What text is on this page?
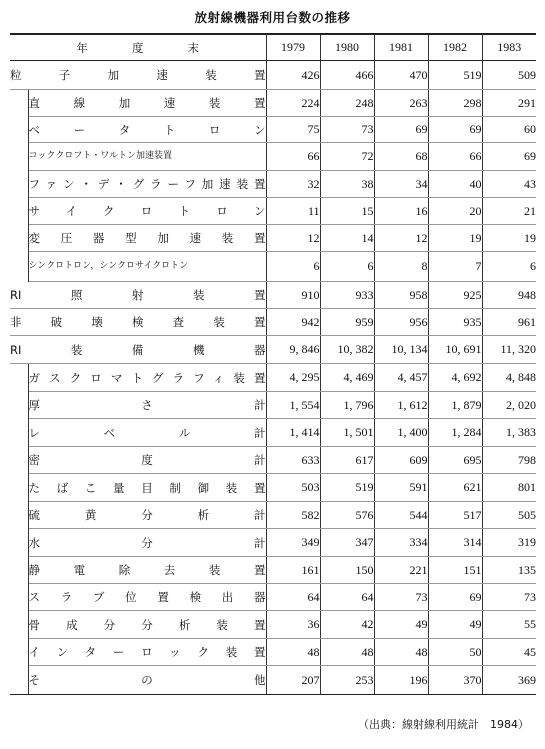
放射線機器利用台数の推移
年度末		1979	1980	1981	1982	1983

粒子加速装置		426	466	470	519	509

	直線加速装置	224	248	263	298	291

	ベータトロン	75	73	69	69	60

	コッククロフト・ワルトン加速装置	66	72	68	66	69

	ファン・デ・グラーフ加速装置	32	38	34	40	43

	サイクロトロン	11	15	16	20	21

	変圧器型加速装置	12	14	12	19	19

	シンクロトロン，シンクロサイクロトン	6	6	8	7	6

RI照射装置		910	933	958	925	948

非破壊検査装置		942	959	956	935	961

RI装備機器		9, 846	10, 382	10, 134	10, 691	11, 320

	ガスクロマトグラフィ装置	4, 295	4, 469	4, 457	4, 692	4, 848

	厚さ計	1, 554	1, 796	1, 612	1, 879	2, 020

	レベル計	1, 414	1, 501	1, 400	1, 284	1, 383

	密度計	633	617	609	695	798

	たばこ量目制御装置	503	519	591	621	801

	硫黄分析計	582	576	544	517	505

	水分計	349	347	334	314	319

	静電除去装置	161	150	221	151	135

	スラブ位置検出器	64	64	73	69	73

	骨成分分析装置	36	42	49	49	55

	インターロック装置	48	48	48	50	45

	その他	207	253	196	370	369
（出典：線射線利用統計　1984）
